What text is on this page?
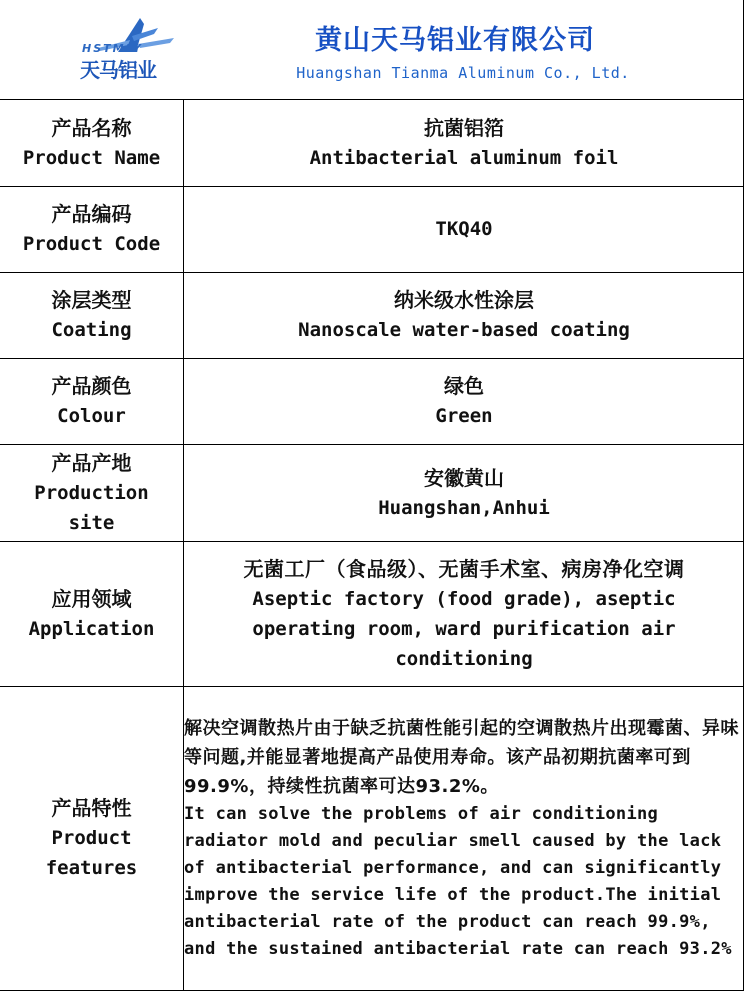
HSTMLY
天马铝业
黄山天马铝业有限公司
Huangshan Tianma Aluminum Co., Ltd.
产品名称
Product Name	抗菌铝箔
Antibacterial aluminum foil

产品编码
Product Code	TKQ40

涂层类型
Coating	纳米级水性涂层
Nanoscale water-based coating

产品颜色
Colour	绿色
Green

产品产地
Production site	安徽黄山
Huangshan,Anhui

应用领域
Application	无菌工厂（食品级）、无菌手术室、病房净化空调
Aseptic factory (food grade), aseptic operating room, ward purification air conditioning

产品特性
Product features	解决空调散热片由于缺乏抗菌性能引起的空调散热片出现霉菌、异味等问题,并能显著地提高产品使用寿命。该产品初期抗菌率可到99.9%，持续性抗菌率可达93.2%。
It can solve the problems of air conditioning radiator mold and peculiar smell caused by the lack of antibacterial performance, and can significantly improve the service life of the product.The initial antibacterial rate of the product can reach 99.9%, and the sustained antibacterial rate can reach 93.2%
